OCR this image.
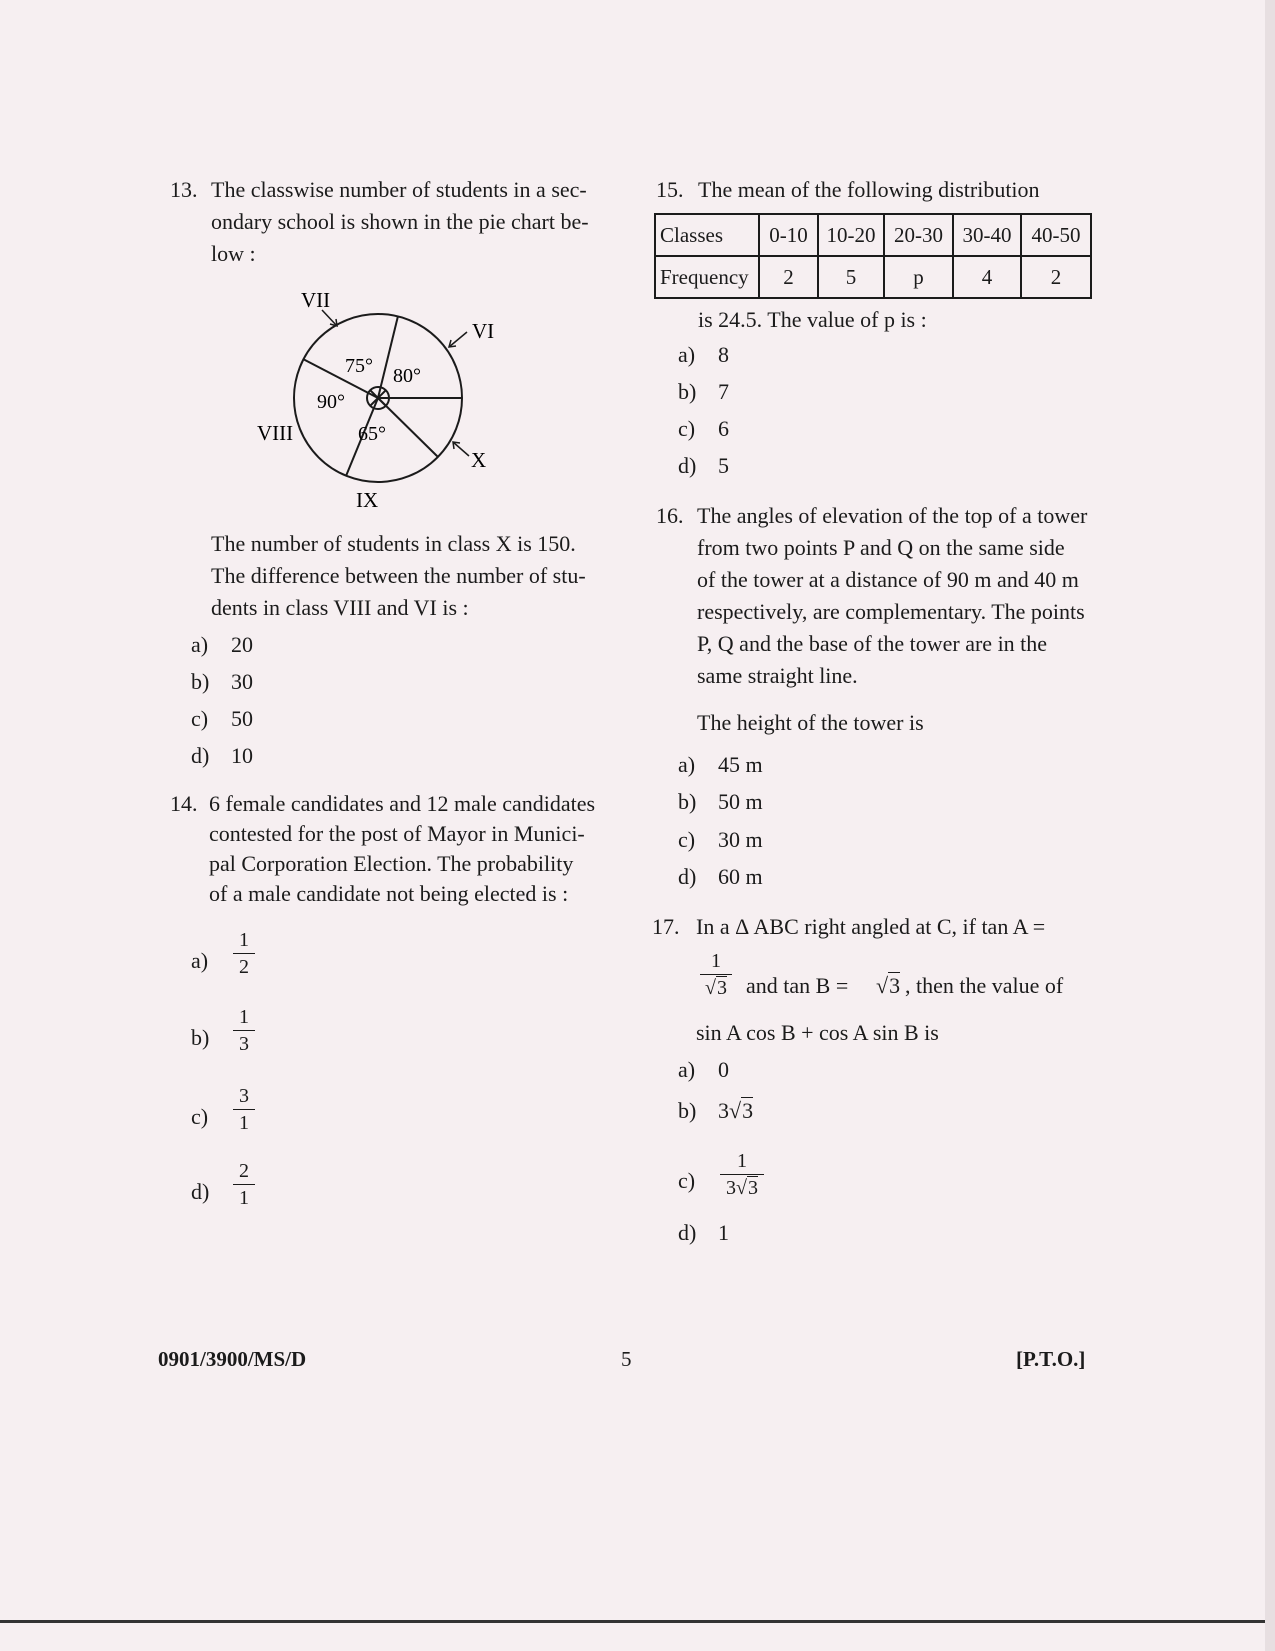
13. The classwise number of students in a sec-
ondary school is shown in the pie chart be-
low :
75° 80°
90°
65°
VII
VI
VIII
IX
X
The number of students in class X is 150.
The difference between the number of stu-
dents in class VIII and VI is :
a) 20
b) 30
c) 50
d) 10
14. 6 female candidates and 12 male candidates
contested for the post of Mayor in Munici-
pal Corporation Election. The probability
of a male candidate not being elected is :
a)
1
2
b)
1
3
c)
3
1
d)
2
1
15. The mean of the following distribution
Classes	0-10	10-20	20-30	30-40	40-50
Frequency	2	5	p	4	2
is 24.5. The value of p is :
a) 8
b) 7
c) 6
d) 5
16. The angles of elevation of the top of a tower
from two points P and Q on the same side
of the tower at a distance of 90 m and 40 m
respectively, are complementary. The points
P, Q and the base of the tower are in the
same straight line.
The height of the tower is
a) 45 m
b) 50 m
c) 30 m
d) 60 m
17. In a Δ ABC right angled at C, if tan A =
1
√3 and tan B = √3 , then the value of
sin A cos B + cos A sin B is
a) 0
b) 3√3
c)
1
3√3
d) 1
0901/3900/MS/D	5	[P.T.O.]
